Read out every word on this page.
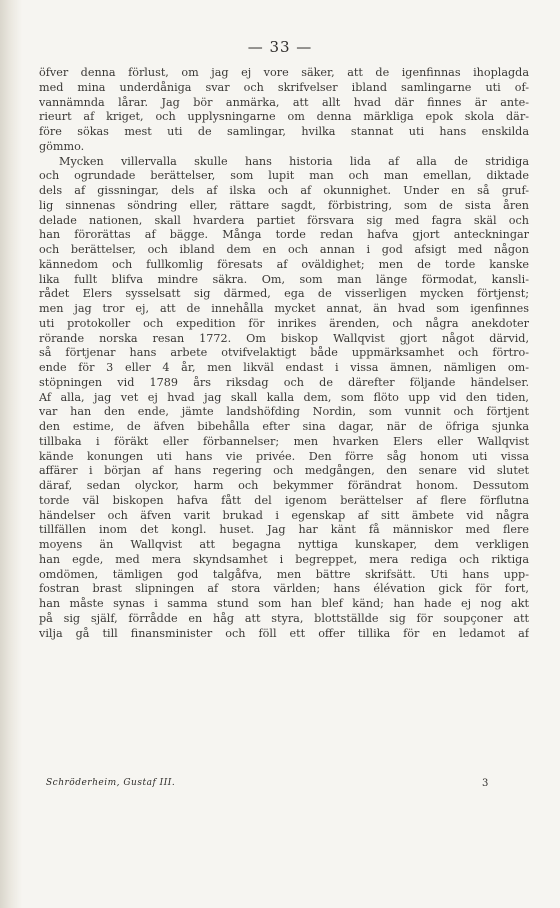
— 33 —
öfver denna förlust, om jag ej vore säker, att de igenfinnas ihoplagda
med mina underdåniga svar och skrifvelser ibland samlingarne uti of-
vannämnda lårar. Jag bör anmärka, att allt hvad där finnes är ante-
rieurt af kriget, och upplysningarne om denna märkliga epok skola där-
före sökas mest uti de samlingar, hvilka stannat uti hans enskilda
gömmo.
Mycken villervalla skulle hans historia lida af alla de stridiga
och ogrundade berättelser, som lupit man och man emellan, diktade
dels af gissningar, dels af ilska och af okunnighet. Under en så gruf-
lig sinnenas söndring eller, rättare sagdt, förbistring, som de sista åren
delade nationen, skall hvardera partiet försvara sig med fagra skäl och
han förorättas af bägge. Många torde redan hafva gjort anteckningar
och berättelser, och ibland dem en och annan i god afsigt med någon
kännedom och fullkomlig föresats af oväldighet; men de torde kanske
lika fullt blifva mindre säkra. Om, som man länge förmodat, kansli-
rådet Elers sysselsatt sig därmed, ega de visserligen mycken förtjenst;
men jag tror ej, att de innehålla mycket annat, än hvad som igenfinnes
uti protokoller och expedition för inrikes ärenden, och några anekdoter
rörande norska resan 1772. Om biskop Wallqvist gjort något därvid,
så förtjenar hans arbete otvifvelaktigt både uppmärksamhet och förtro-
ende för 3 eller 4 år, men likväl endast i vissa ämnen, nämligen om-
stöpningen vid 1789 års riksdag och de därefter följande händelser.
Af alla, jag vet ej hvad jag skall kalla dem, som flöto upp vid den tiden,
var han den ende, jämte landshöfding Nordin, som vunnit och förtjent
den estime, de äfven bibehålla efter sina dagar, när de öfriga sjunka
tillbaka i föräkt eller förbannelser; men hvarken Elers eller Wallqvist
kände konungen uti hans vie privée. Den förre såg honom uti vissa
affärer i början af hans regering och medgången, den senare vid slutet
däraf, sedan olyckor, harm och bekymmer förändrat honom. Dessutom
torde väl biskopen hafva fått del igenom berättelser af flere förflutna
händelser och äfven varit brukad i egenskap af sitt ämbete vid några
tillfällen inom det kongl. huset. Jag har känt få människor med flere
moyens än Wallqvist att begagna nyttiga kunskaper, dem verkligen
han egde, med mera skyndsamhet i begreppet, mera rediga och riktiga
omdömen, tämligen god talgåfva, men bättre skrifsätt. Uti hans upp-
fostran brast slipningen af stora världen; hans élévation gick för fort,
han måste synas i samma stund som han blef känd; han hade ej nog akt
på sig själf, förrådde en håg att styra, blottställde sig för soupçoner att
vilja gå till finansminister och föll ett offer tillika för en ledamot af
Schröderheim, Gustaf III.	3
